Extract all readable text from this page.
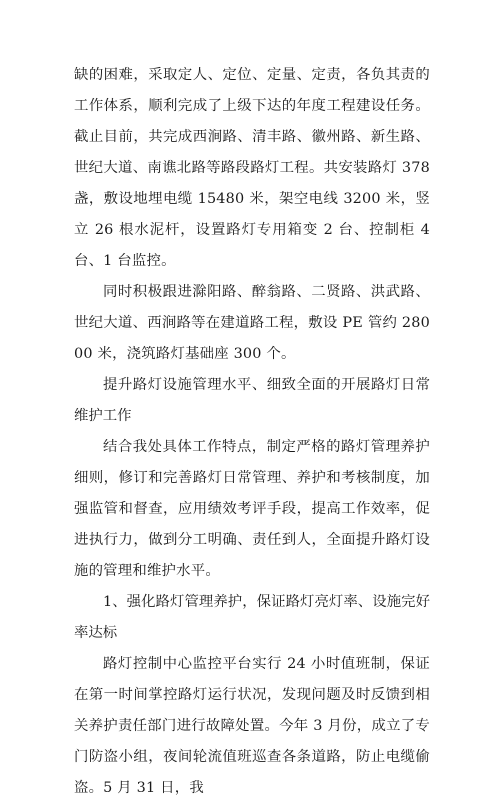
缺的困难，采取定人、定位、定量、定责，各负其责的工作体系，顺利完成了上级下达的年度工程建设任务。截止目前，共完成西涧路、清丰路、徽州路、新生路、世纪大道、南谯北路等路段路灯工程。共安装路灯 378 盏，敷设地埋电缆 15480 米，架空电线 3200 米，竖立 26 根水泥杆，设置路灯专用箱变 2 台、控制柜 4 台、1 台监控。

同时积极跟进滁阳路、醉翁路、二贤路、洪武路、世纪大道、西涧路等在建道路工程，敷设 PE 管约 28000 米，浇筑路灯基础座 300 个。

提升路灯设施管理水平、细致全面的开展路灯日常维护工作

结合我处具体工作特点，制定严格的路灯管理养护细则，修订和完善路灯日常管理、养护和考核制度，加强监管和督查，应用绩效考评手段，提高工作效率，促进执行力，做到分工明确、责任到人，全面提升路灯设施的管理和维护水平。

1、强化路灯管理养护，保证路灯亮灯率、设施完好率达标

路灯控制中心监控平台实行 24 小时值班制，保证在第一时间掌控路灯运行状况，发现问题及时反馈到相关养护责任部门进行故障处置。今年 3 月份，成立了专门防盗小组，夜间轮流值班巡查各条道路，防止电缆偷盗。5 月 31 日，我
